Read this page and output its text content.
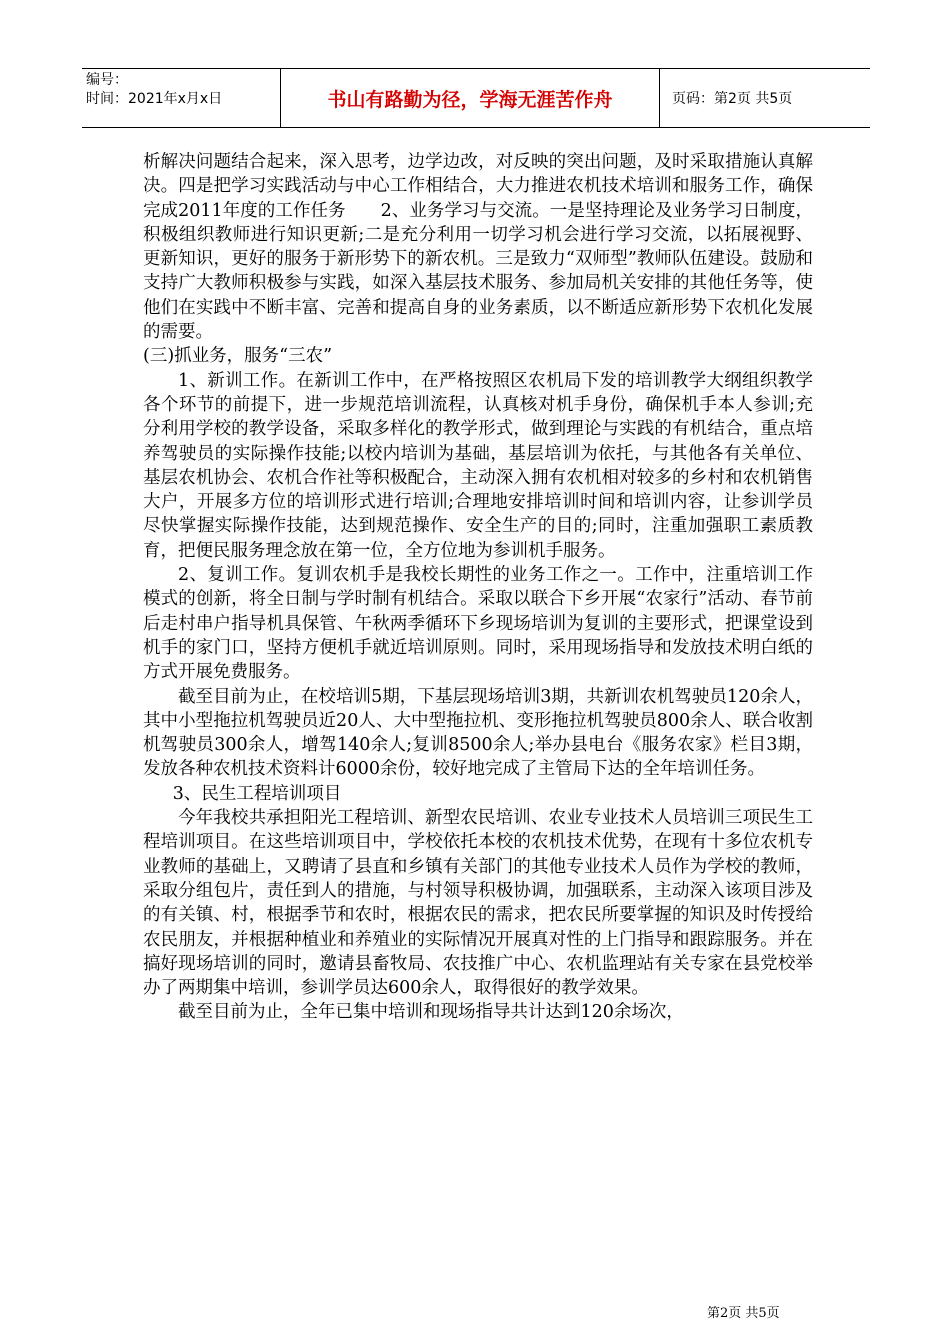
编号：
时间：2021年x月x日	书山有路勤为径，学海无涯苦作舟	页码：第2页 共5页

析解决问题结合起来，深入思考，边学边改，对反映的突出问题，及时采取措施认真解决。四是把学习实践活动与中心工作相结合，大力推进农机技术培训和服务工作，确保完成2011年度的工作任务　　2、业务学习与交流。一是坚持理论及业务学习日制度，积极组织教师进行知识更新;二是充分利用一切学习机会进行学习交流，以拓展视野、更新知识，更好的服务于新形势下的新农机。三是致力“双师型”教师队伍建设。鼓励和支持广大教师积极参与实践，如深入基层技术服务、参加局机关安排的其他任务等，使他们在实践中不断丰富、完善和提高自身的业务素质，以不断适应新形势下农机化发展的需要。

(三)抓业务，服务“三农”

1、新训工作。在新训工作中，在严格按照区农机局下发的培训教学大纲组织教学各个环节的前提下，进一步规范培训流程，认真核对机手身份，确保机手本人参训;充分利用学校的教学设备，采取多样化的教学形式，做到理论与实践的有机结合，重点培养驾驶员的实际操作技能;以校内培训为基础，基层培训为依托，与其他各有关单位、基层农机协会、农机合作社等积极配合，主动深入拥有农机相对较多的乡村和农机销售大户，开展多方位的培训形式进行培训;合理地安排培训时间和培训内容，让参训学员尽快掌握实际操作技能，达到规范操作、安全生产的目的;同时，注重加强职工素质教育，把便民服务理念放在第一位，全方位地为参训机手服务。

2、复训工作。复训农机手是我校长期性的业务工作之一。工作中，注重培训工作模式的创新，将全日制与学时制有机结合。采取以联合下乡开展“农家行”活动、春节前后走村串户指导机具保管、午秋两季循环下乡现场培训为复训的主要形式，把课堂设到机手的家门口，坚持方便机手就近培训原则。同时，采用现场指导和发放技术明白纸的方式开展免费服务。

截至目前为止，在校培训5期，下基层现场培训3期，共新训农机驾驶员120余人，其中小型拖拉机驾驶员近20人、大中型拖拉机、变形拖拉机驾驶员800余人、联合收割机驾驶员300余人，增驾140余人;复训8500余人;举办县电台《服务农家》栏目3期，发放各种农机技术资料计6000余份，较好地完成了主管局下达的全年培训任务。

3、民生工程培训项目

今年我校共承担阳光工程培训、新型农民培训、农业专业技术人员培训三项民生工程培训项目。在这些培训项目中，学校依托本校的农机技术优势，在现有十多位农机专业教师的基础上，又聘请了县直和乡镇有关部门的其他专业技术人员作为学校的教师，采取分组包片，责任到人的措施，与村领导积极协调，加强联系，主动深入该项目涉及的有关镇、村，根据季节和农时，根据农民的需求，把农民所要掌握的知识及时传授给农民朋友，并根据种植业和养殖业的实际情况开展真对性的上门指导和跟踪服务。并在搞好现场培训的同时，邀请县畜牧局、农技推广中心、农机监理站有关专家在县党校举办了两期集中培训，参训学员达600余人，取得很好的教学效果。

截至目前为止，全年已集中培训和现场指导共计达到120余场次，

第2页 共5页
